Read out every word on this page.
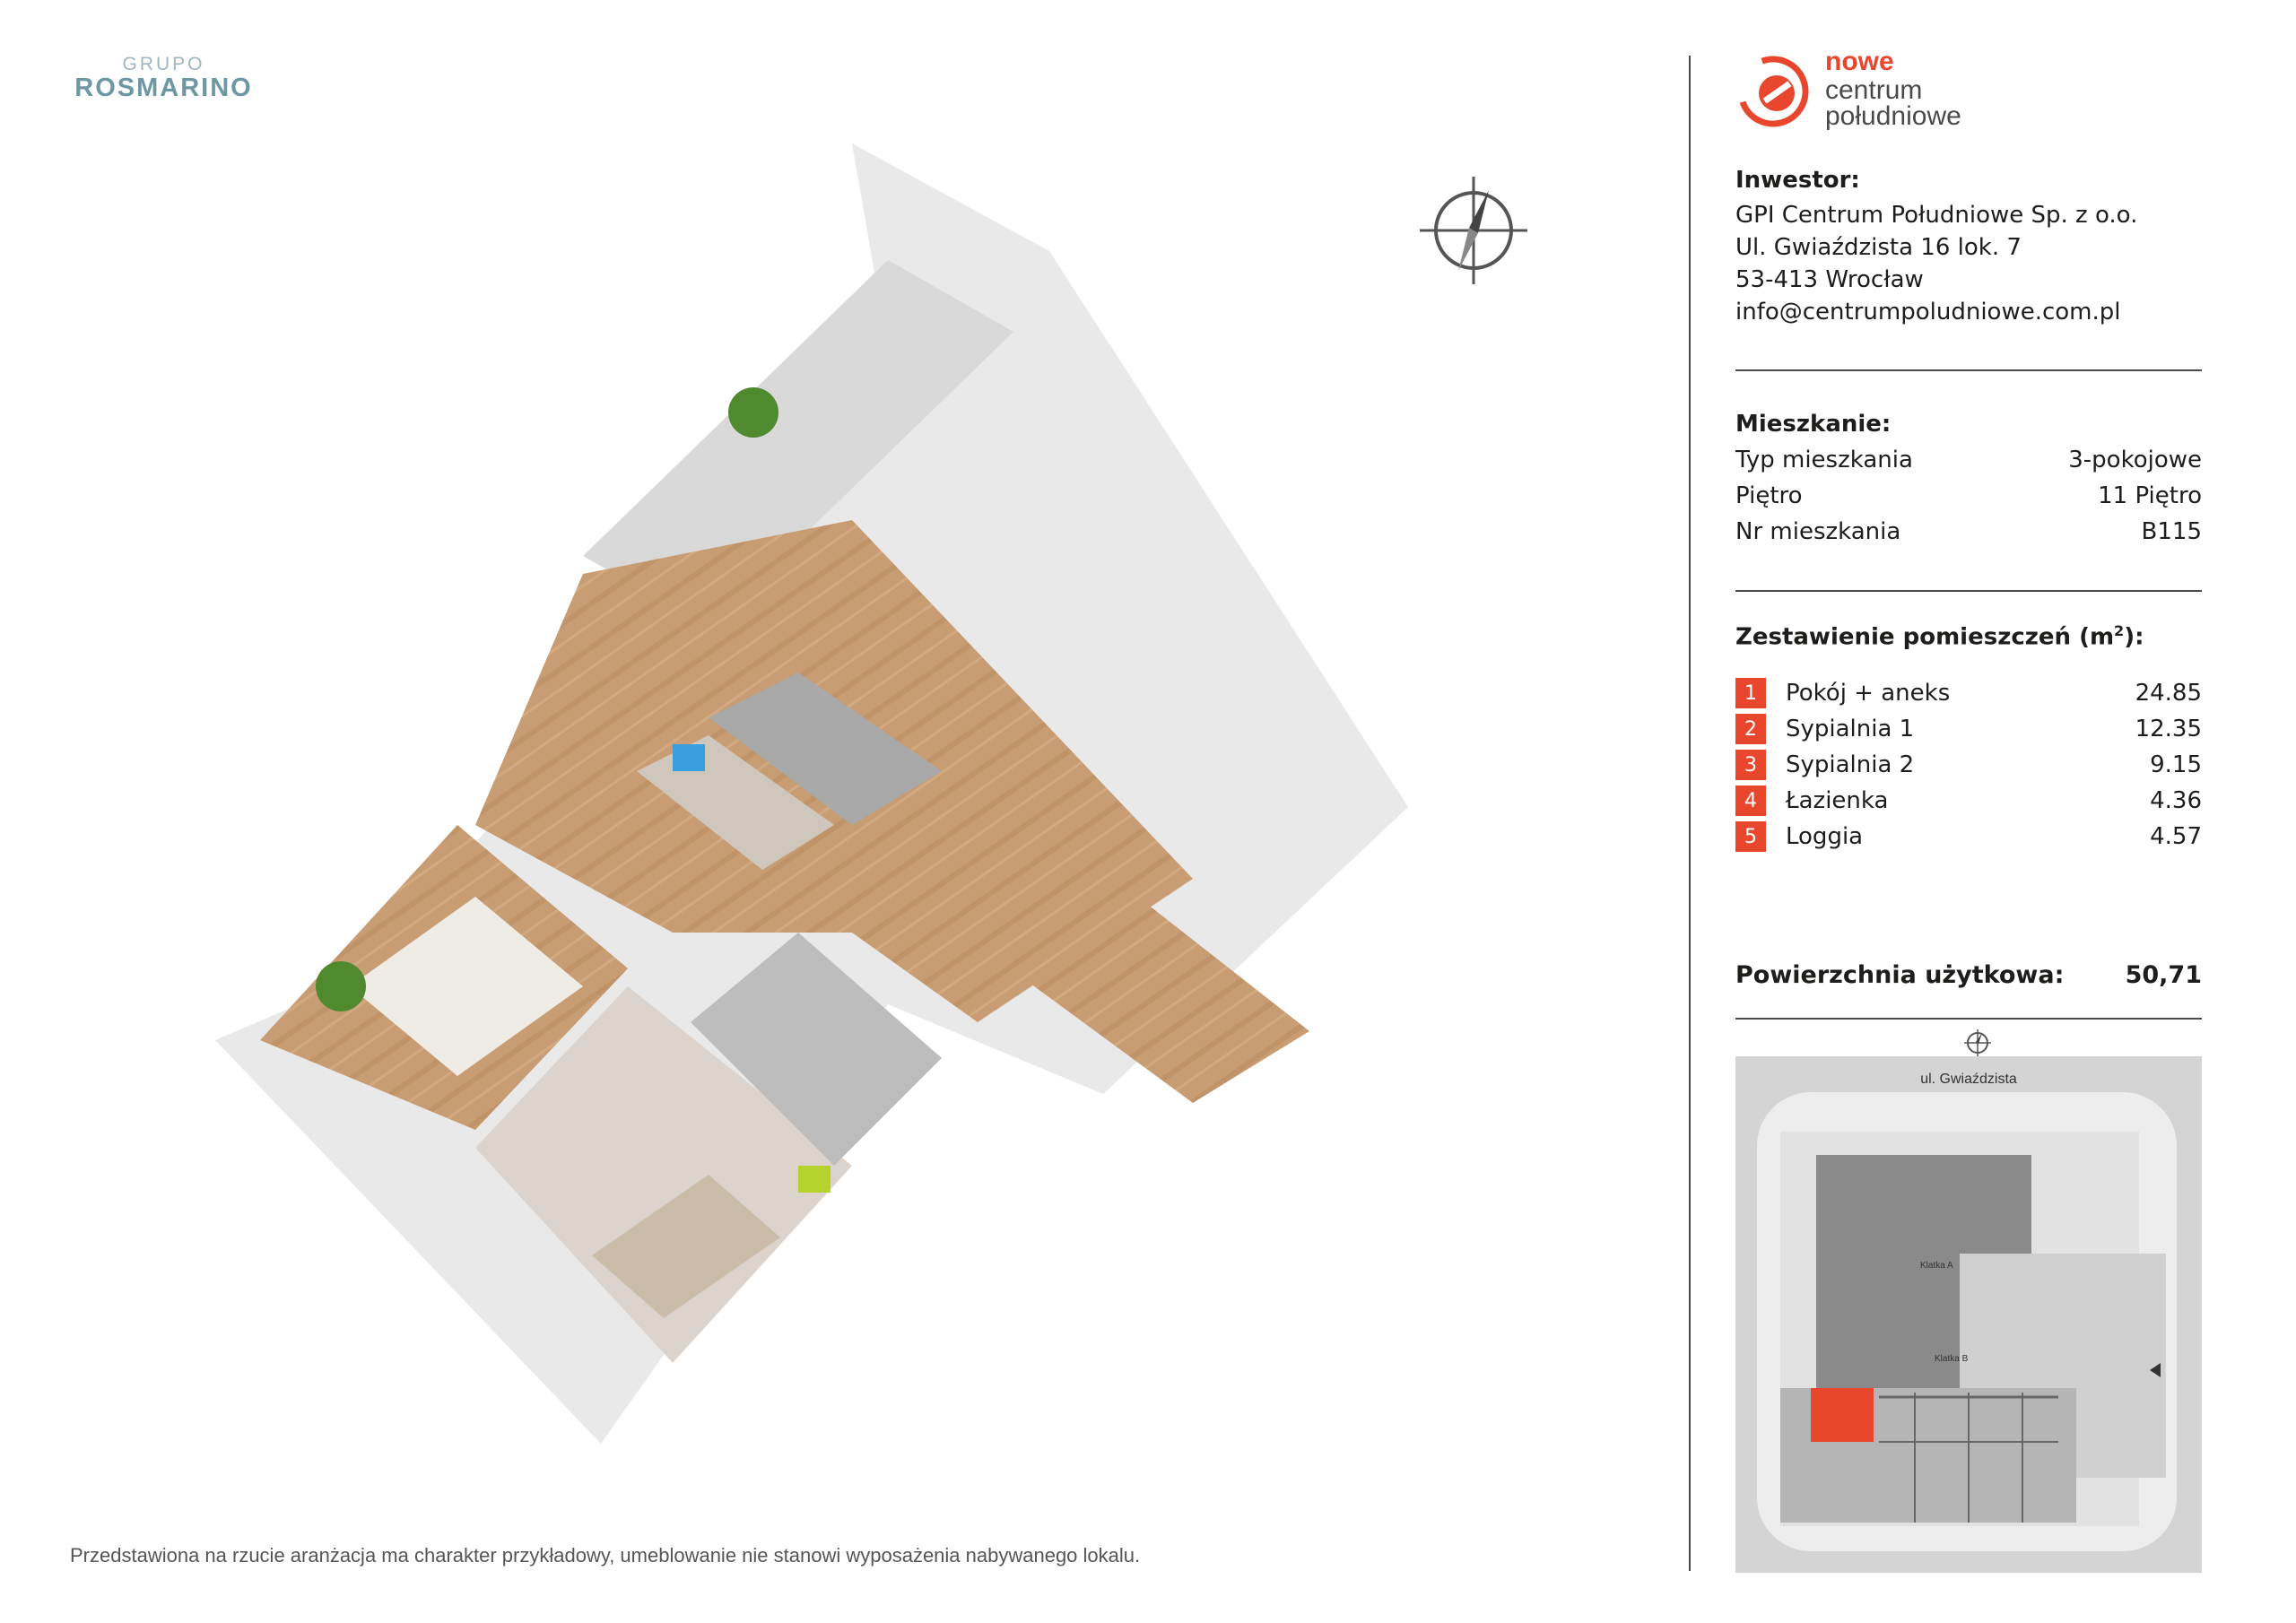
GRUPO
ROSMARINO
Przedstawiona na rzucie aranżacja ma charakter przykładowy, umeblowanie nie stanowi wyposażenia nabywanego lokalu.
nowe
centrum
południowe
Inwestor:
GPI Centrum Południowe Sp. z o.o.
Ul. Gwiaździsta 16 lok. 7
53-413 Wrocław
info@centrumpoludniowe.com.pl
Mieszkanie:
Typ mieszkania	3-pokojowe
Piętro	11 Piętro
Nr mieszkania	B115
Zestawienie pomieszczeń $(m^2)$:
1	Pokój + aneks	24.85
2	Sypialnia 1	12.35
3	Sypialnia 2	9.15
4	Łazienka	4.36
5	Loggia	4.57
Powierzchnia użytkowa:	50,71
ul. Gwiaździsta
Klatka A
Klatka B
